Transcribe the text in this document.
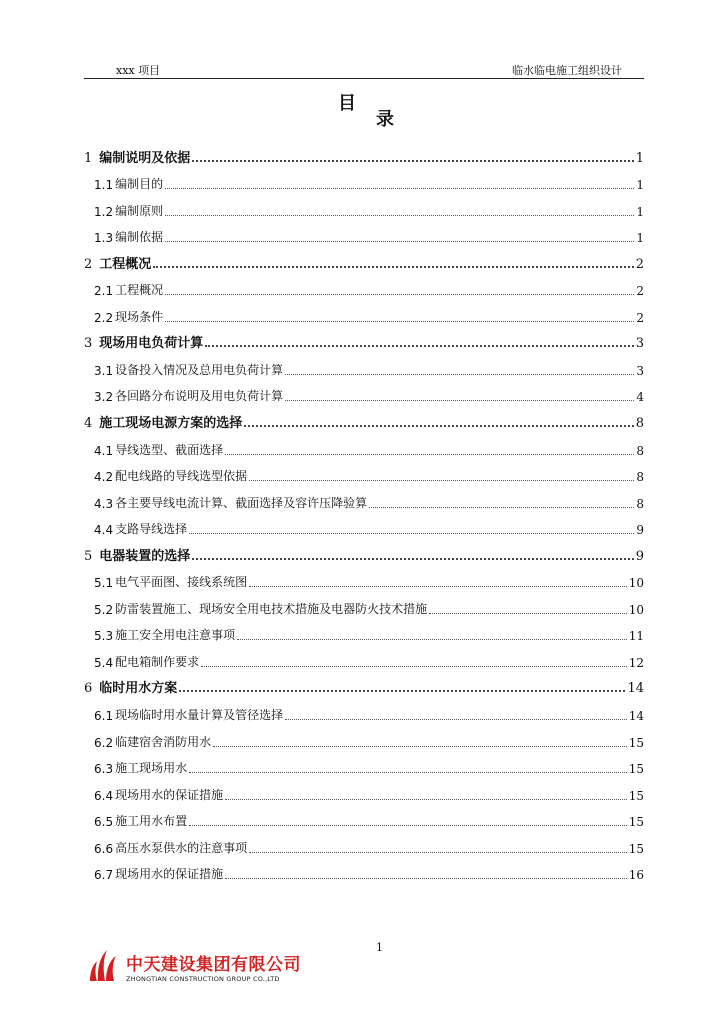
xxx 项目	临水临电施工组织设计
目
录
1 编制说明及依据	1
1.1 编制目的	1
1.2 编制原则	1
1.3 编制依据	1
2 工程概况	2
2.1 工程概况	2
2.2 现场条件	2
3 现场用电负荷计算	3
3.1 设备投入情况及总用电负荷计算	3
3.2 各回路分布说明及用电负荷计算	4
4 施工现场电源方案的选择	8
4.1 导线选型、截面选择	8
4.2 配电线路的导线选型依据	8
4.3 各主要导线电流计算、截面选择及容许压降验算	8
4.4 支路导线选择	9
5 电器装置的选择	9
5.1 电气平面图、接线系统图	10
5.2 防雷装置施工、现场安全用电技术措施及电器防火技术措施	10
5.3 施工安全用电注意事项	11
5.4 配电箱制作要求	12
6 临时用水方案	14
6.1 现场临时用水量计算及管径选择	14
6.2 临建宿舍消防用水	15
6.3 施工现场用水	15
6.4 现场用水的保证措施	15
6.5 施工用水布置	15
6.6 高压水泵供水的注意事项	15
6.7 现场用水的保证措施	16
1
中天建设集团有限公司
ZHONGTIAN CONSTRUCTION GROUP CO.,LTD
